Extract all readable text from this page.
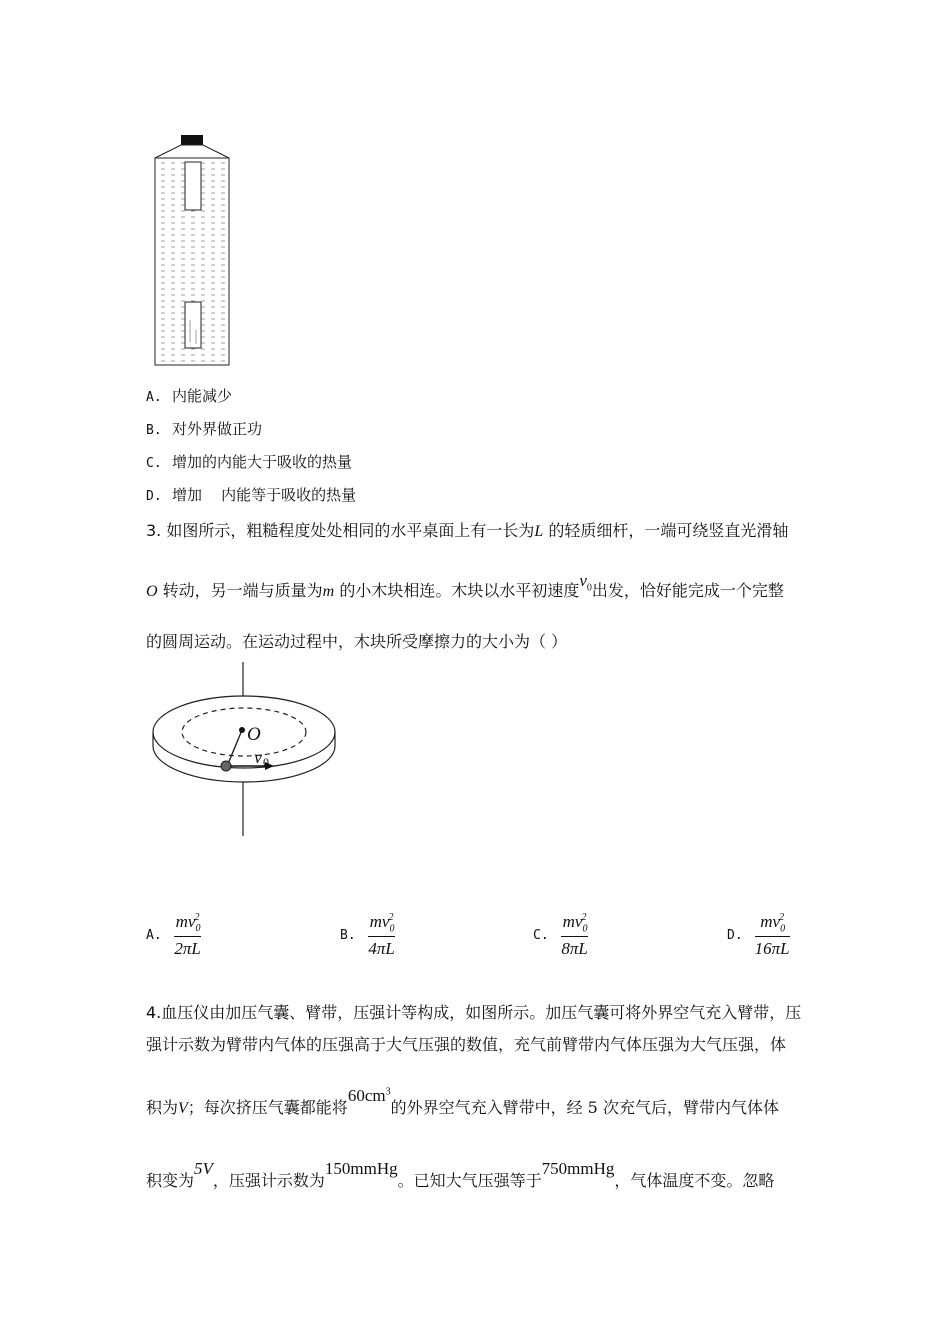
A. 内能减少
B. 对外界做正功
C. 增加的内能大于吸收的热量
D. 增加    内能等于吸收的热量
3. 如图所示，粗糙程度处处相同的水平桌面上有一长为L 的轻质细杆，一端可绕竖直光滑轴
O 转动，另一端与质量为m 的小木块相连。木块以水平初速度$v_0$出发，恰好能完成一个完整
的圆周运动。在运动过程中，木块所受摩擦力的大小为（ ）
O
v 0
A. $\frac{mv_0^2}{2\pi L}$	B. $\frac{mv_0^2}{4\pi L}$	C. $\frac{mv_0^2}{8\pi L}$	D. $\frac{mv_0^2}{16\pi L}$
4.血压仪由加压气囊、臂带，压强计等构成，如图所示。加压气囊可将外界空气充入臂带，压
强计示数为臂带内气体的压强高于大气压强的数值，充气前臂带内气体压强为大气压强，体
积为V；每次挤压气囊都能将$60cm^3$的外界空气充入臂带中，经 5 次充气后，臂带内气体体
积变为5V，压强计示数为150mmHg。已知大气压强等于750mmHg，气体温度不变。忽略
